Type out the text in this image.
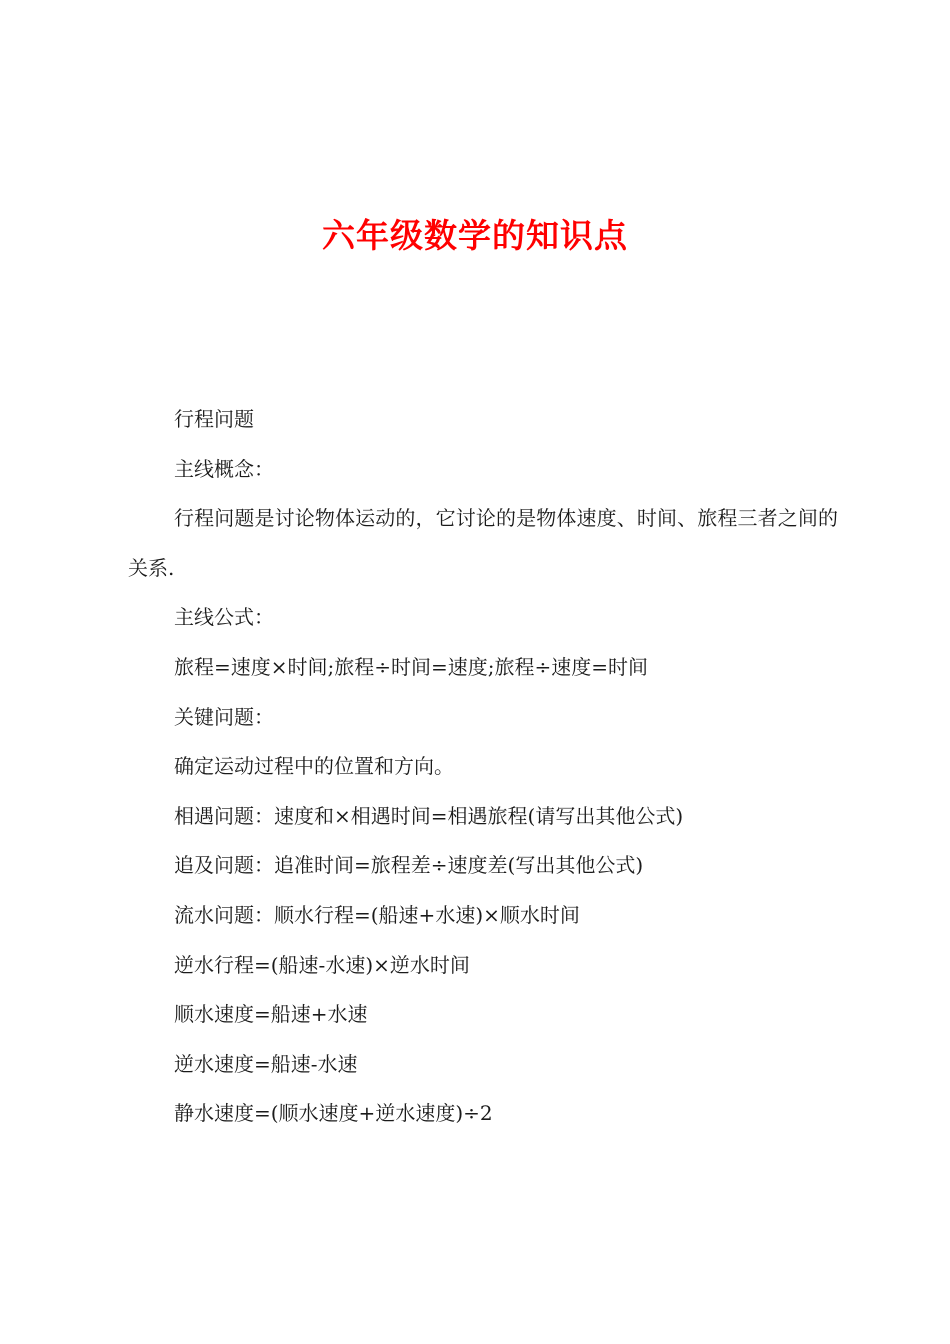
六年级数学的知识点

行程问题

主线概念：

行程问题是讨论物体运动的，它讨论的是物体速度、时间、旅程三者之间的关系.

主线公式：

旅程=速度×时间;旅程÷时间=速度;旅程÷速度=时间

关键问题：

确定运动过程中的位置和方向。

相遇问题：速度和×相遇时间=相遇旅程(请写出其他公式)

追及问题：追准时间=旅程差÷速度差(写出其他公式)

流水问题：顺水行程=(船速+水速)×顺水时间

逆水行程=(船速-水速)×逆水时间

顺水速度=船速+水速

逆水速度=船速-水速

静水速度=(顺水速度+逆水速度)÷2
